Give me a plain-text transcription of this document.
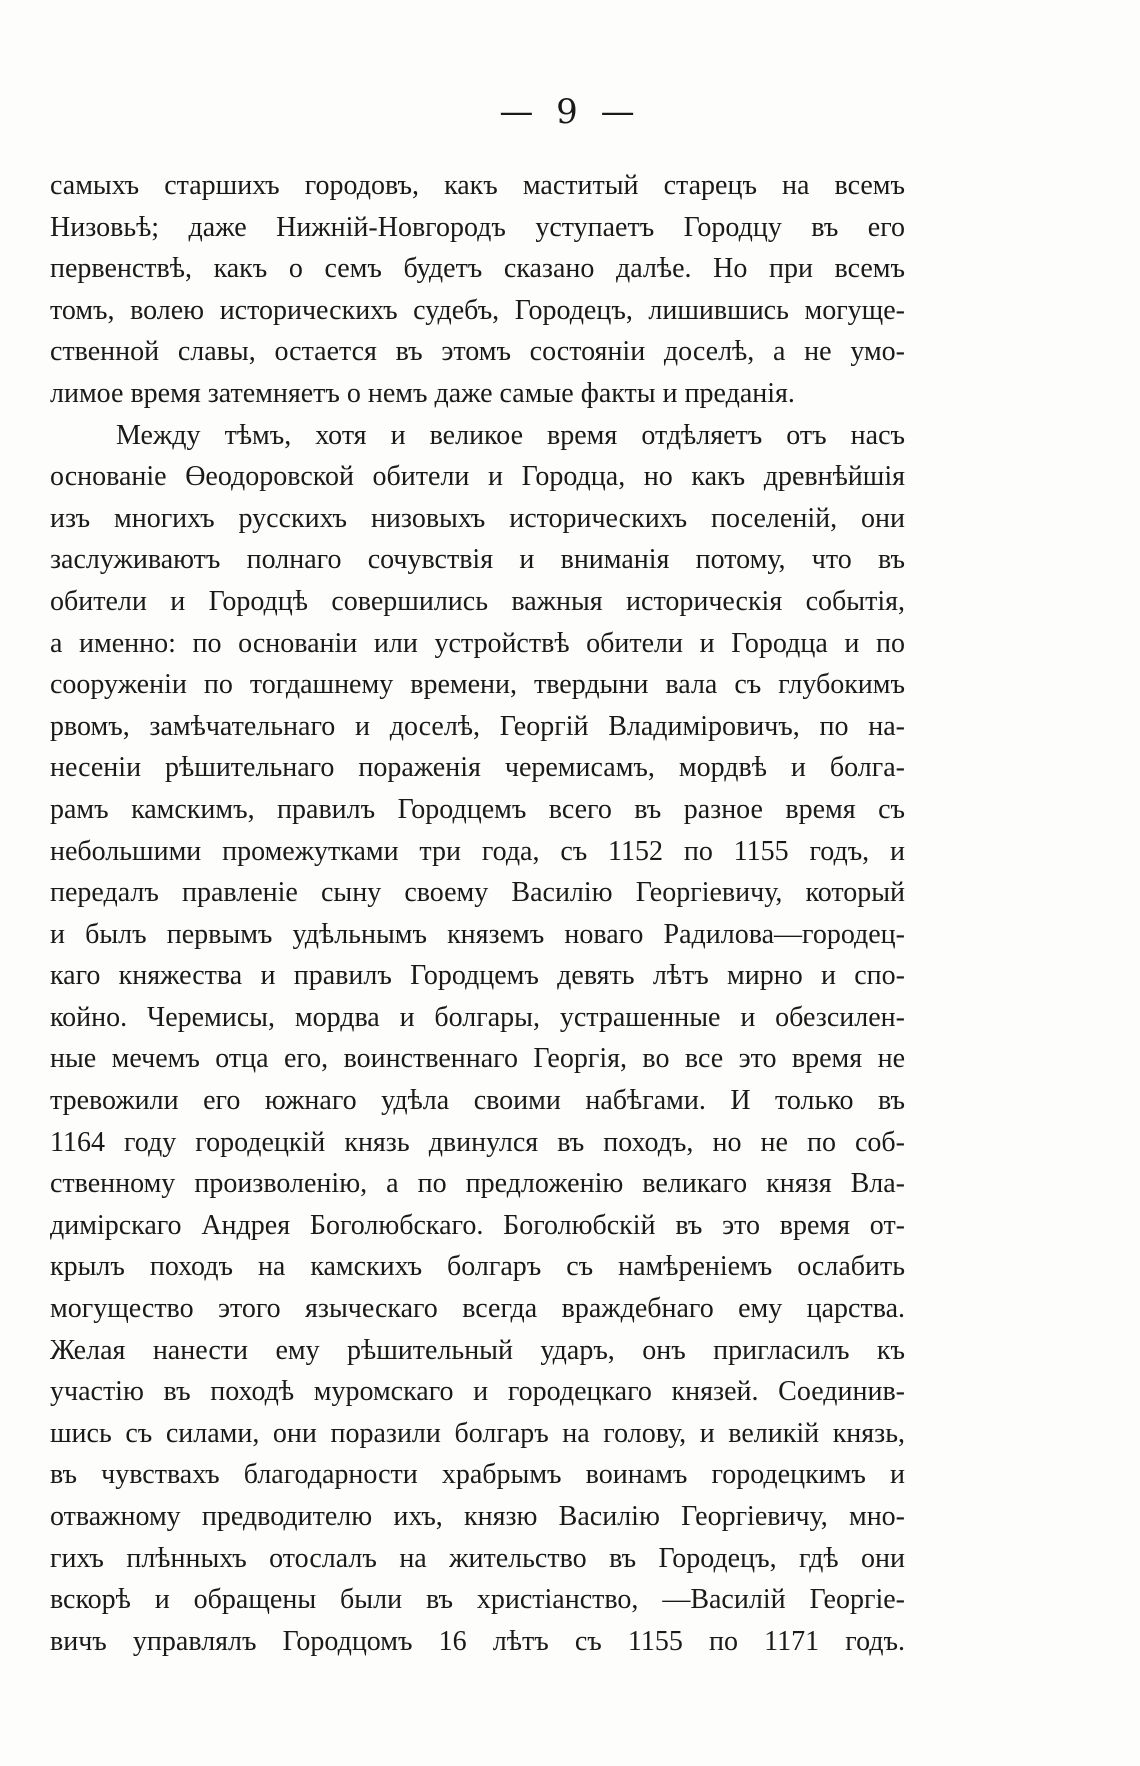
— 9 —
самыхъ старшихъ городовъ, какъ маститый старецъ на всемъ
Низовьѣ; даже Нижній-Новгородъ уступаетъ Городцу въ его
первенствѣ, какъ о семъ будетъ сказано далѣе. Но при всемъ
томъ, волею историческихъ судебъ, Городецъ, лишившись могуще-
ственной славы, остается въ этомъ состояніи доселѣ, а не умо-
лимое время затемняетъ о немъ даже самые факты и преданія.
Между тѣмъ, хотя и великое время отдѣляетъ отъ насъ
основаніе Өеодоровской обители и Городца, но какъ древнѣйшія
изъ многихъ русскихъ низовыхъ историческихъ поселеній, они
заслуживаютъ полнаго сочувствія и вниманія потому, что въ
обители и Городцѣ совершились важныя историческія событія,
а именно: по основаніи или устройствѣ обители и Городца и по
сооруженіи по тогдашнему времени, твердыни вала съ глубокимъ
рвомъ, замѣчательнаго и доселѣ, Георгій Владиміровичъ, по на-
несеніи рѣшительнаго пораженія черемисамъ, мордвѣ и болга-
рамъ камскимъ, правилъ Городцемъ всего въ разное время съ
небольшими промежутками три года, съ 1152 по 1155 годъ, и
передалъ правленіе сыну своему Василію Георгіевичу, который
и былъ первымъ удѣльнымъ княземъ новаго Радилова—городец-
каго княжества и правилъ Городцемъ девять лѣтъ мирно и спо-
койно. Черемисы, мордва и болгары, устрашенные и обезсилен-
ные мечемъ отца его, воинственнаго Георгія, во все это время не
тревожили его южнаго удѣла своими набѣгами. И только въ
1164 году городецкій князь двинулся въ походъ, но не по соб-
ственному произволенію, а по предложенію великаго князя Вла-
димірскаго Андрея Боголюбскаго. Боголюбскій въ это время от-
крылъ походъ на камскихъ болгаръ съ намѣреніемъ ослабить
могущество этого языческаго всегда враждебнаго ему царства.
Желая нанести ему рѣшительный ударъ, онъ пригласилъ къ
участію въ походѣ муромскаго и городецкаго князей. Соединив-
шись съ силами, они поразили болгаръ на голову, и великій князь,
въ чувствахъ благодарности храбрымъ воинамъ городецкимъ и
отважному предводителю ихъ, князю Василію Георгіевичу, мно-
гихъ плѣнныхъ отослалъ на жительство въ Городецъ, гдѣ они
вскорѣ и обращены были въ христіанство, —Василій Георгіе-
вичъ управлялъ Городцомъ 16 лѣтъ съ 1155 по 1171 годъ.
